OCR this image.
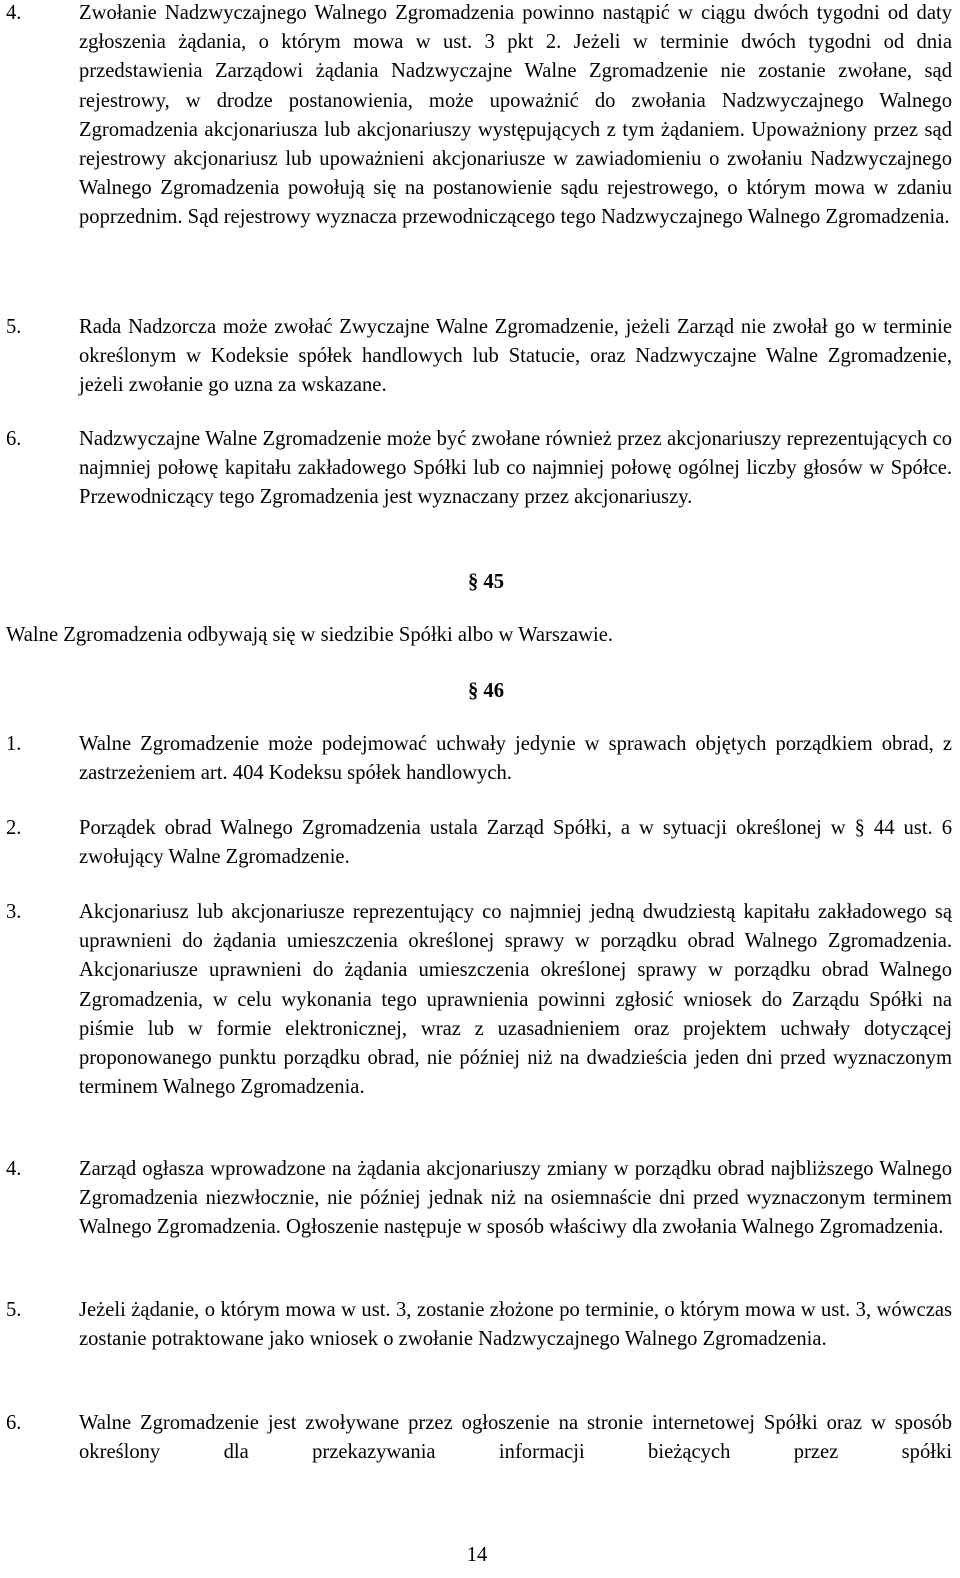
4.	Zwołanie Nadzwyczajnego Walnego Zgromadzenia powinno nastąpić w ciągu dwóch tygodni od daty zgłoszenia żądania, o którym mowa w ust. 3 pkt 2. Jeżeli w terminie dwóch tygodni od dnia przedstawienia Zarządowi żądania Nadzwyczajne Walne Zgromadzenie nie zostanie zwołane, sąd rejestrowy, w drodze postanowienia, może upoważnić do zwołania Nadzwyczajnego Walnego Zgromadzenia akcjonariusza lub akcjonariuszy występujących z tym żądaniem. Upoważniony przez sąd rejestrowy akcjonariusz lub upoważnieni akcjonariusze w zawiadomieniu o zwołaniu Nadzwyczajnego Walnego Zgromadzenia powołują się na postanowienie sądu rejestrowego, o którym mowa w zdaniu poprzednim. Sąd rejestrowy wyznacza przewodniczącego tego Nadzwyczajnego Walnego Zgromadzenia.
5.	Rada Nadzorcza może zwołać Zwyczajne Walne Zgromadzenie, jeżeli Zarząd nie zwołał go w terminie określonym w Kodeksie spółek handlowych lub Statucie, oraz Nadzwyczajne Walne Zgromadzenie, jeżeli zwołanie go uzna za wskazane.
6.	Nadzwyczajne Walne Zgromadzenie może być zwołane również przez akcjonariuszy reprezentujących co najmniej połowę kapitału zakładowego Spółki lub co najmniej połowę ogólnej liczby głosów w Spółce. Przewodniczący tego Zgromadzenia jest wyznaczany przez akcjonariuszy.
§ 45
Walne Zgromadzenia odbywają się w siedzibie Spółki albo w Warszawie.
§ 46
1.	Walne Zgromadzenie może podejmować uchwały jedynie w sprawach objętych porządkiem obrad, z zastrzeżeniem art. 404 Kodeksu spółek handlowych.
2.	Porządek obrad Walnego Zgromadzenia ustala Zarząd Spółki, a w sytuacji określonej w § 44 ust. 6 zwołujący Walne Zgromadzenie.
3.	Akcjonariusz lub akcjonariusze reprezentujący co najmniej jedną dwudziestą kapitału zakładowego są uprawnieni do żądania umieszczenia określonej sprawy w porządku obrad Walnego Zgromadzenia. Akcjonariusze uprawnieni do żądania umieszczenia określonej sprawy w porządku obrad Walnego Zgromadzenia, w celu wykonania tego uprawnienia powinni zgłosić wniosek do Zarządu Spółki na piśmie lub w formie elektronicznej, wraz z uzasadnieniem oraz projektem uchwały dotyczącej proponowanego punktu porządku obrad, nie później niż na dwadzieścia jeden dni przed wyznaczonym terminem Walnego Zgromadzenia.
4.	Zarząd ogłasza wprowadzone na żądania akcjonariuszy zmiany w porządku obrad najbliższego Walnego Zgromadzenia niezwłocznie, nie później jednak niż na osiemnaście dni przed wyznaczonym terminem Walnego Zgromadzenia. Ogłoszenie następuje w sposób właściwy dla zwołania Walnego Zgromadzenia.
5.	Jeżeli żądanie, o którym mowa w ust. 3, zostanie złożone po terminie, o którym mowa w ust. 3, wówczas zostanie potraktowane jako wniosek o zwołanie Nadzwyczajnego Walnego Zgromadzenia.
6.	Walne Zgromadzenie jest zwoływane przez ogłoszenie na stronie internetowej Spółki oraz w sposób określony dla przekazywania informacji bieżących przez spółki
14
